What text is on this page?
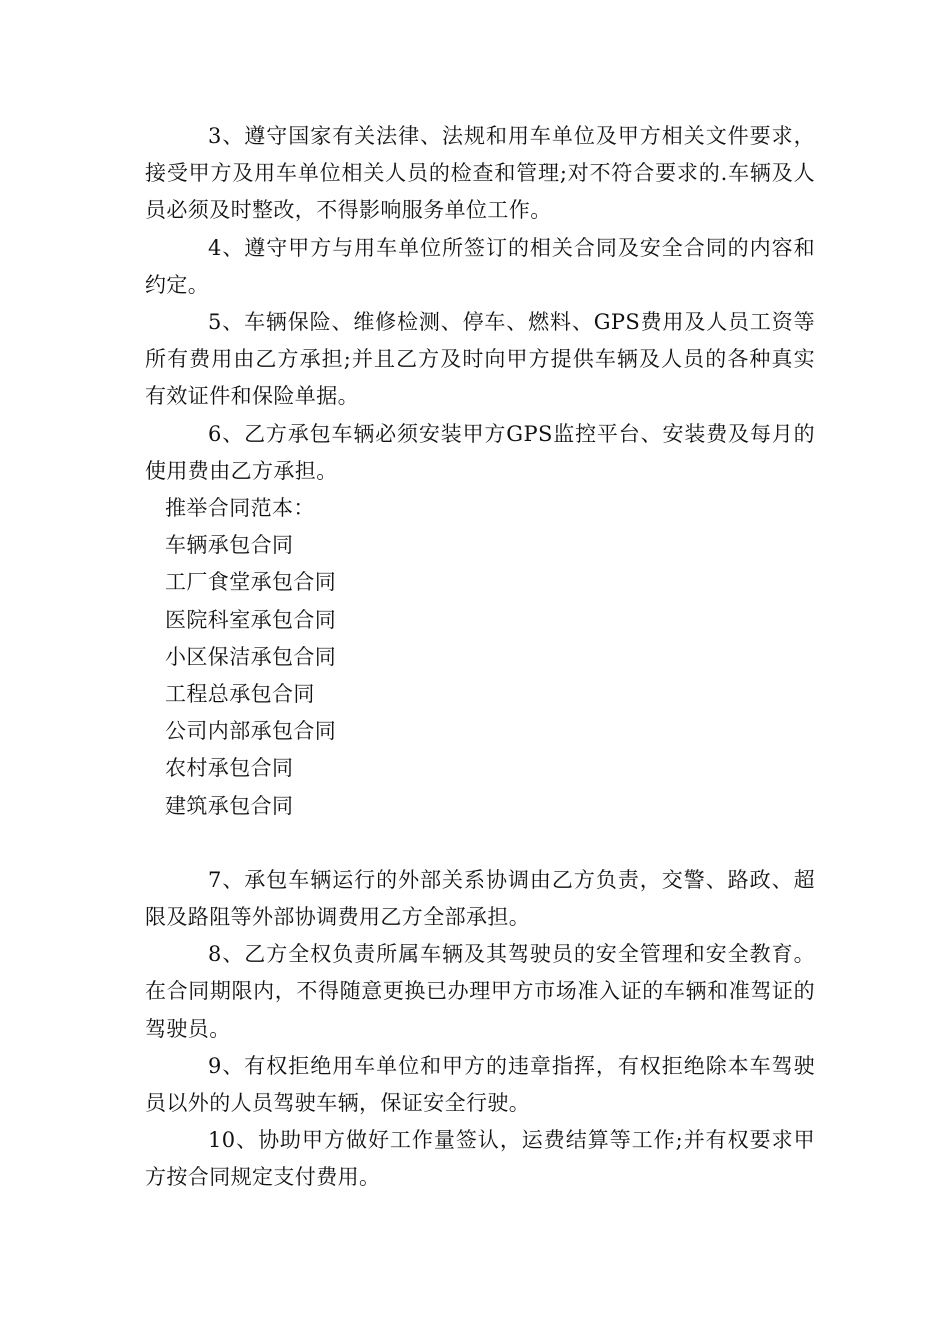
3、遵守国家有关法律、法规和用车单位及甲方相关文件要求，接受甲方及用车单位相关人员的检查和管理;对不符合要求的.车辆及人员必须及时整改，不得影响服务单位工作。

4、遵守甲方与用车单位所签订的相关合同及安全合同的内容和约定。

5、车辆保险、维修检测、停车、燃料、GPS费用及人员工资等所有费用由乙方承担;并且乙方及时向甲方提供车辆及人员的各种真实有效证件和保险单据。

6、乙方承包车辆必须安装甲方GPS监控平台、安装费及每月的使用费由乙方承担。

推举合同范本：

车辆承包合同
工厂食堂承包合同
医院科室承包合同
小区保洁承包合同
工程总承包合同
公司内部承包合同
农村承包合同
建筑承包合同

7、承包车辆运行的外部关系协调由乙方负责，交警、路政、超限及路阻等外部协调费用乙方全部承担。

8、乙方全权负责所属车辆及其驾驶员的安全管理和安全教育。在合同期限内，不得随意更换已办理甲方市场准入证的车辆和准驾证的驾驶员。

9、有权拒绝用车单位和甲方的违章指挥，有权拒绝除本车驾驶员以外的人员驾驶车辆，保证安全行驶。

10、协助甲方做好工作量签认，运费结算等工作;并有权要求甲方按合同规定支付费用。
